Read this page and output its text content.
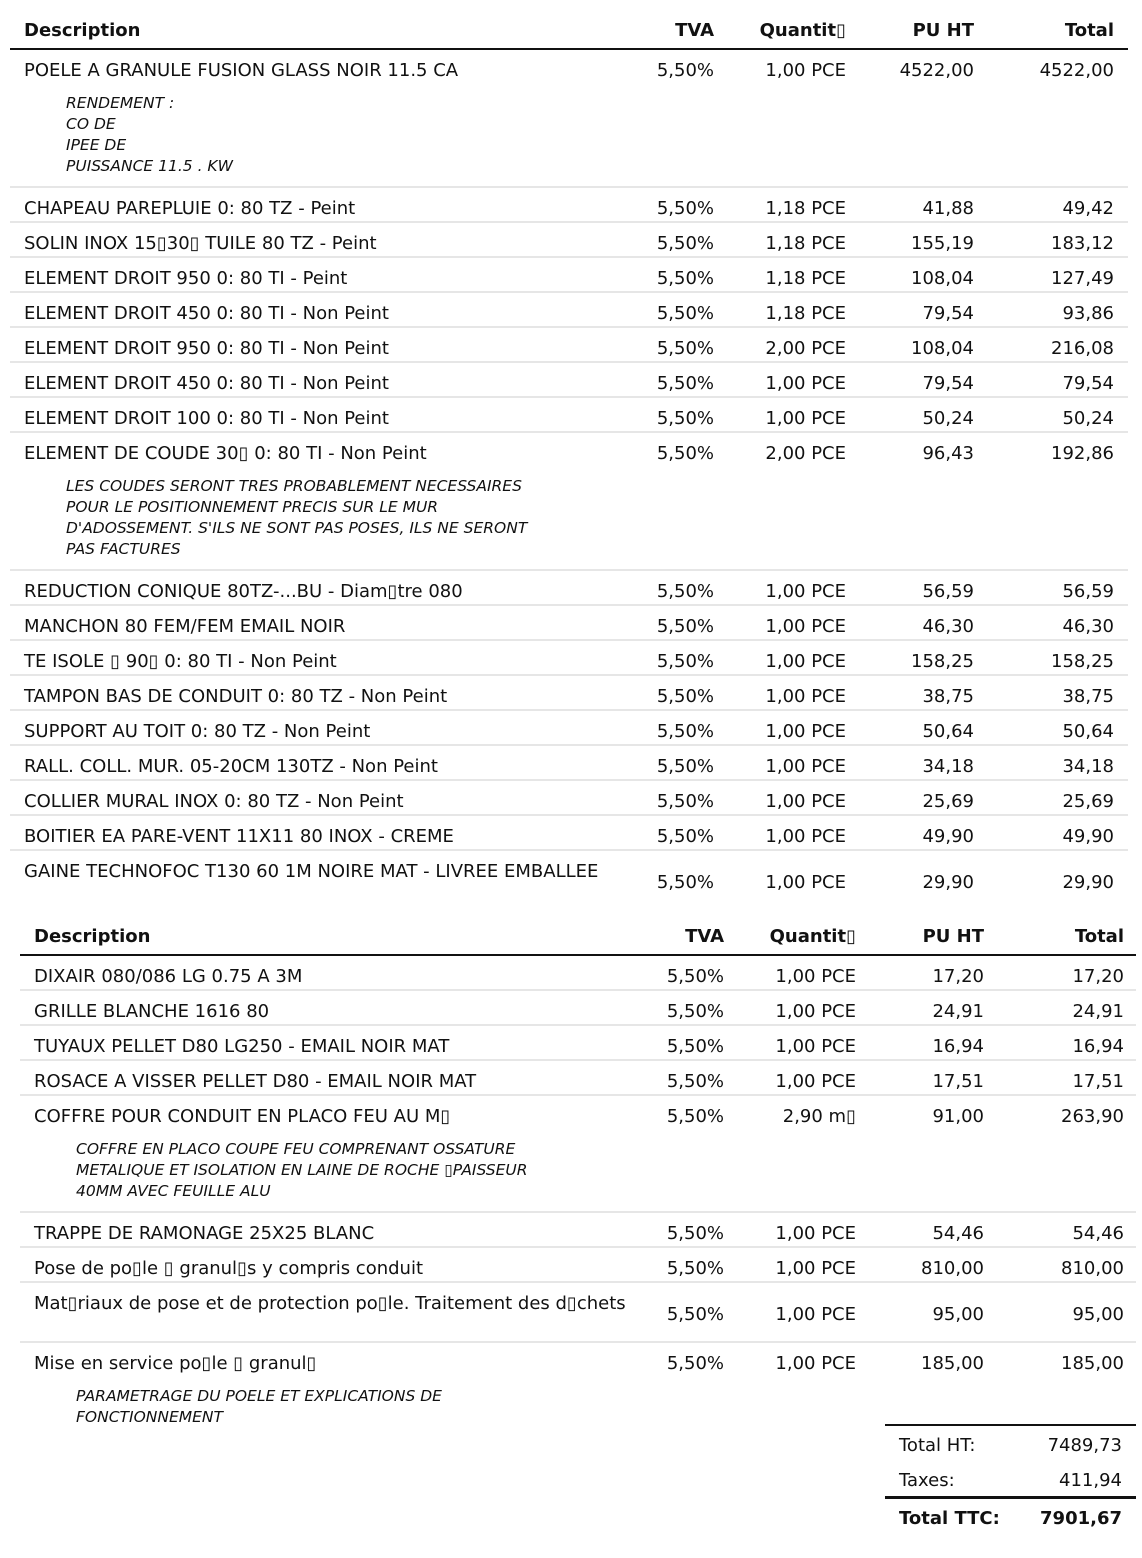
Description	TVA	Quantit▯	PU HT	Total
POELE A GRANULE FUSION GLASS NOIR 11.5 CA	5,50%	1,00 PCE	4522,00	4522,00
RENDEMENT :
CO DE
IPEE DE
PUISSANCE 11.5 . KW
CHAPEAU PAREPLUIE 0: 80 TZ - Peint	5,50%	1,18 PCE	41,88	49,42
SOLIN INOX 15▯30▯ TUILE 80 TZ - Peint	5,50%	1,18 PCE	155,19	183,12
ELEMENT DROIT 950 0: 80 TI - Peint	5,50%	1,18 PCE	108,04	127,49
ELEMENT DROIT 450 0: 80 TI - Non Peint	5,50%	1,18 PCE	79,54	93,86
ELEMENT DROIT 950 0: 80 TI - Non Peint	5,50%	2,00 PCE	108,04	216,08
ELEMENT DROIT 450 0: 80 TI - Non Peint	5,50%	1,00 PCE	79,54	79,54
ELEMENT DROIT 100 0: 80 TI - Non Peint	5,50%	1,00 PCE	50,24	50,24
ELEMENT DE COUDE 30▯ 0: 80 TI - Non Peint	5,50%	2,00 PCE	96,43	192,86
LES COUDES SERONT TRES PROBABLEMENT NECESSAIRES
POUR LE POSITIONNEMENT PRECIS SUR LE MUR
D'ADOSSEMENT. S'ILS NE SONT PAS POSES, ILS NE SERONT
PAS FACTURES
REDUCTION CONIQUE 80TZ-...BU - Diam▯tre 080	5,50%	1,00 PCE	56,59	56,59
MANCHON 80 FEM/FEM EMAIL NOIR	5,50%	1,00 PCE	46,30	46,30
TE ISOLE ▯ 90▯ 0: 80 TI - Non Peint	5,50%	1,00 PCE	158,25	158,25
TAMPON BAS DE CONDUIT 0: 80 TZ - Non Peint	5,50%	1,00 PCE	38,75	38,75
SUPPORT AU TOIT 0: 80 TZ - Non Peint	5,50%	1,00 PCE	50,64	50,64
RALL. COLL. MUR. 05-20CM 130TZ - Non Peint	5,50%	1,00 PCE	34,18	34,18
COLLIER MURAL INOX 0: 80 TZ - Non Peint	5,50%	1,00 PCE	25,69	25,69
BOITIER EA PARE-VENT 11X11 80 INOX - CREME	5,50%	1,00 PCE	49,90	49,90
GAINE TECHNOFOC T130 60 1M NOIRE MAT - LIVREE EMBALLEE
5,50%	1,00 PCE	29,90	29,90
Description	TVA	Quantit▯	PU HT	Total
DIXAIR 080/086 LG 0.75 A 3M	5,50%	1,00 PCE	17,20	17,20
GRILLE BLANCHE 1616 80	5,50%	1,00 PCE	24,91	24,91
TUYAUX PELLET D80 LG250 - EMAIL NOIR MAT	5,50%	1,00 PCE	16,94	16,94
ROSACE A VISSER PELLET D80 - EMAIL NOIR MAT	5,50%	1,00 PCE	17,51	17,51
COFFRE POUR CONDUIT EN PLACO FEU AU M▯	5,50%	2,90 m▯	91,00	263,90
COFFRE EN PLACO COUPE FEU COMPRENANT OSSATURE
METALIQUE ET ISOLATION EN LAINE DE ROCHE ▯PAISSEUR
40MM AVEC FEUILLE ALU
TRAPPE DE RAMONAGE 25X25 BLANC	5,50%	1,00 PCE	54,46	54,46
Pose de po▯le ▯ granul▯s y compris conduit	5,50%	1,00 PCE	810,00	810,00
Mat▯riaux de pose et de protection po▯le. Traitement des d▯chets
5,50%	1,00 PCE	95,00	95,00
Mise en service po▯le ▯ granul▯	5,50%	1,00 PCE	185,00	185,00
PARAMETRAGE DU POELE ET EXPLICATIONS DE
FONCTIONNEMENT
Total HT:	7489,73
Taxes:	411,94
Total TTC: 7901,67
